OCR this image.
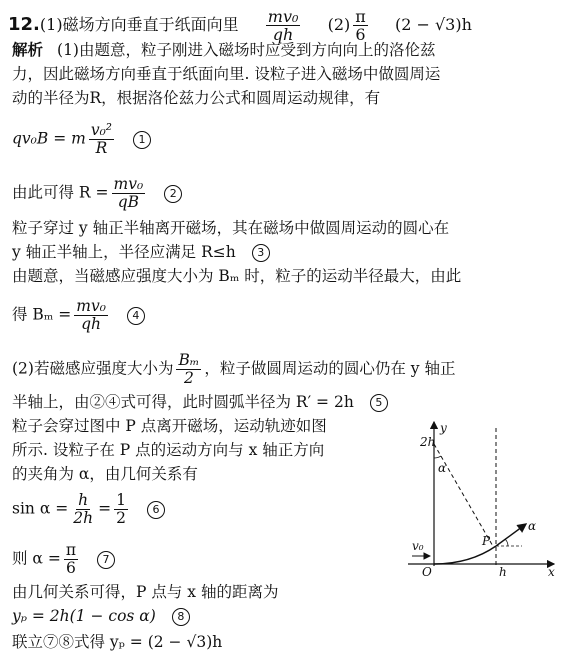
12.(1)磁场方向垂直于纸面向里 $\frac{\text{mv₀}}{qh} (2) \frac{\pi}{6} (2 - √3)h$
解析 (1)由题意，粒子刚进入磁场时应受到方向向上的洛伦兹
力，因此磁场方向垂直于纸面向里. 设粒子进入磁场中做圆周运
动的半径为R，根据洛伦兹力公式和圆周运动规律，有
qv₀B = m $\frac{\text{v₀²}}{R} 1$
由此可得 $R = \frac{\text{mv₀}}{qB} 2$
粒子穿过 y 轴正半轴离开磁场，其在磁场中做圆周运动的圆心在
y 轴正半轴上，半径应满足 R≤h 3
由题意，当磁感应强度大小为 Bₘ 时，粒子的运动半径最大，由此
得 $B_m = \frac{\text{mv₀}}{qh} 4$
(2)若磁感应强度大小为 $\frac{\text{Bₘ}}{2}$ ，粒子做圆周运动的圆心仍在 y 轴正
半轴上，由②④式可得，此时圆弧半径为 R′ = 2h 5
粒子会穿过图中 P 点离开磁场，运动轨迹如图
所示. 设粒子在 P 点的运动方向与 x 轴正方向
的夹角为 α，由几何关系有
$\sin \alpha = \frac{h}{2h} = \frac{1}{2} 6$
则 $\alpha = \frac{\pi}{6} 7$
由几何关系可得，P 点与 x 轴的距离为
yₚ = 2h(1 − cos α) 8
联立⑦⑧式得 yₚ = (2 − √3)h
2h
y
α
P
α
v₀
O	h	x
